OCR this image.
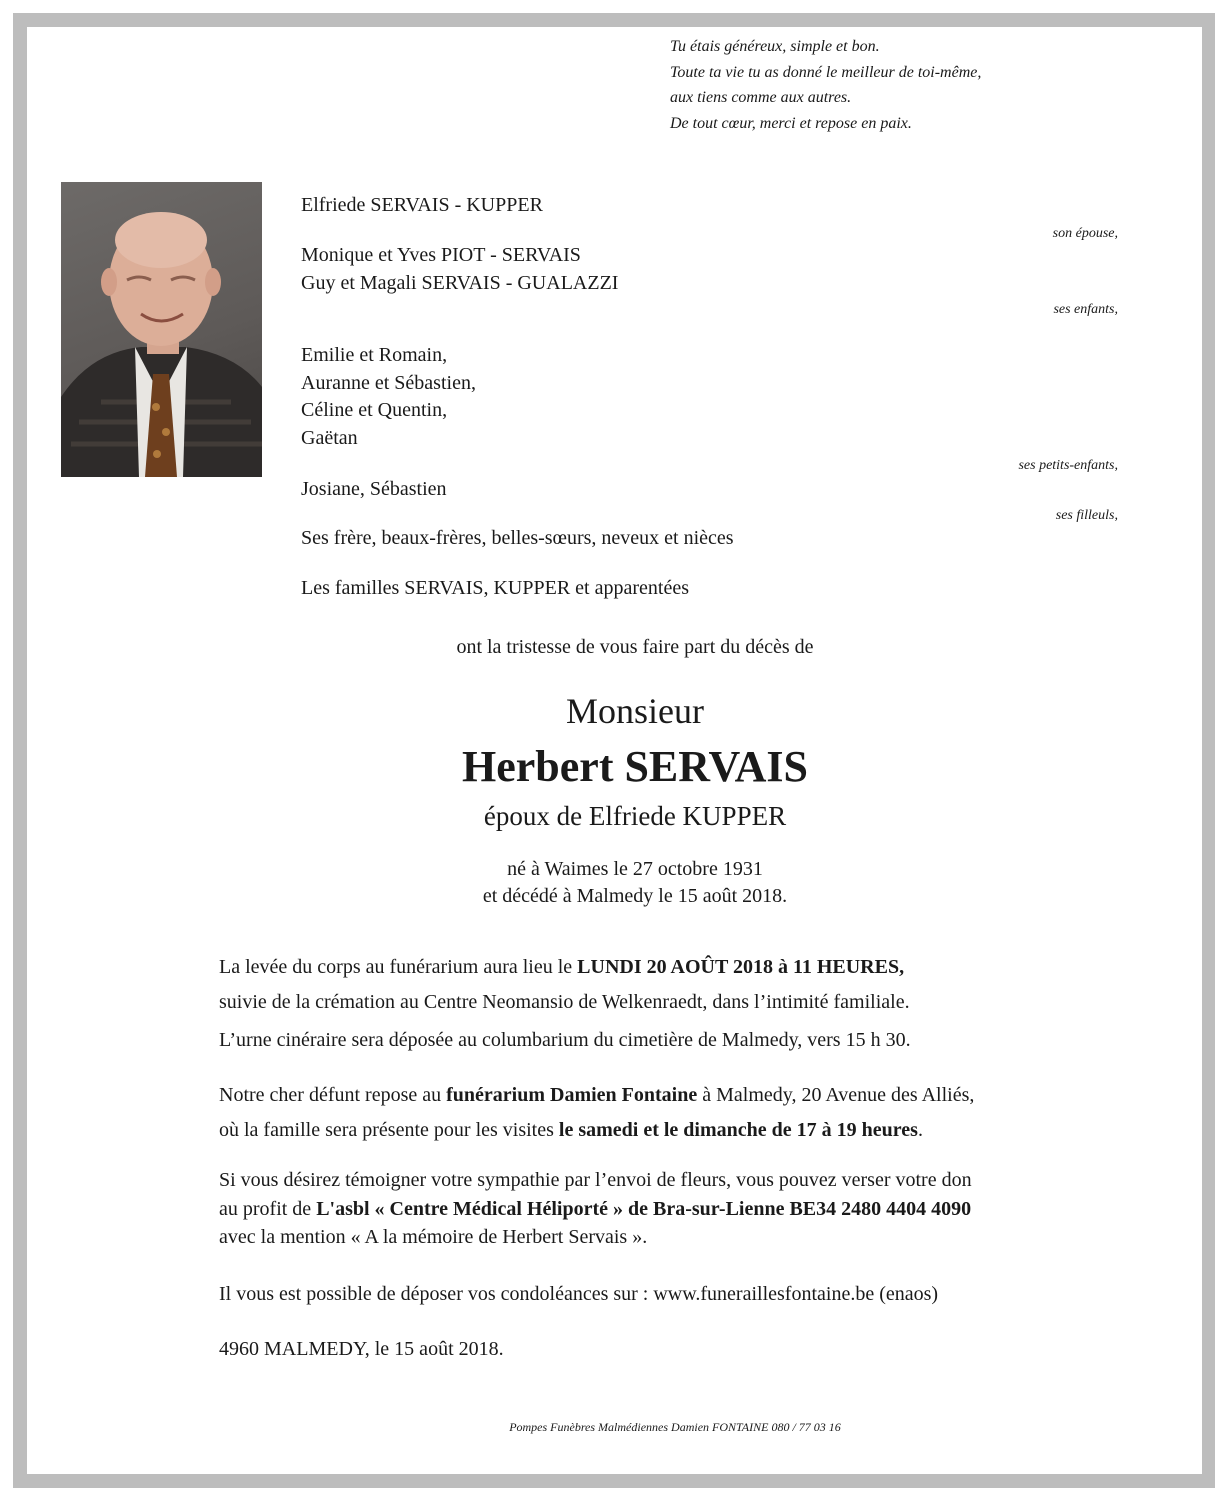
Tu étais généreux, simple et bon.
Toute ta vie tu as donné le meilleur de toi-même,
aux tiens comme aux autres.
De tout cœur, merci et repose en paix.
Elfriede SERVAIS - KUPPER
son épouse,
Monique et Yves PIOT - SERVAIS
Guy et Magali SERVAIS - GUALAZZI
ses enfants,
Emilie et Romain,
Auranne et Sébastien,
Céline et Quentin,
Gaëtan
ses petits-enfants,
Josiane, Sébastien
ses filleuls,
Ses frère, beaux-frères, belles-sœurs, neveux et nièces
Les familles SERVAIS, KUPPER et apparentées
ont la tristesse de vous faire part du décès de
Monsieur
Herbert SERVAIS
époux de Elfriede KUPPER
né à Waimes le 27 octobre 1931
et décédé à Malmedy le 15 août 2018.
La levée du corps au funérarium aura lieu le LUNDI 20 AOÛT 2018 à 11 HEURES,
suivie de la crémation au Centre Neomansio de Welkenraedt, dans l’intimité familiale.
L’urne cinéraire sera déposée au columbarium du cimetière de Malmedy, vers 15 h 30.
Notre cher défunt repose au funérarium Damien Fontaine à Malmedy, 20 Avenue des Alliés,
où la famille sera présente pour les visites le samedi et le dimanche de 17 à 19 heures.
Si vous désirez témoigner votre sympathie par l’envoi de fleurs, vous pouvez verser votre don
au profit de L'asbl « Centre Médical Héliporté » de Bra-sur-Lienne BE34 2480 4404 4090
avec la mention « A la mémoire de Herbert Servais ».
Il vous est possible de déposer vos condoléances sur : www.funeraillesfontaine.be (enaos)
4960 MALMEDY, le 15 août 2018.
Pompes Funèbres Malmédiennes Damien FONTAINE 080 / 77 03 16
